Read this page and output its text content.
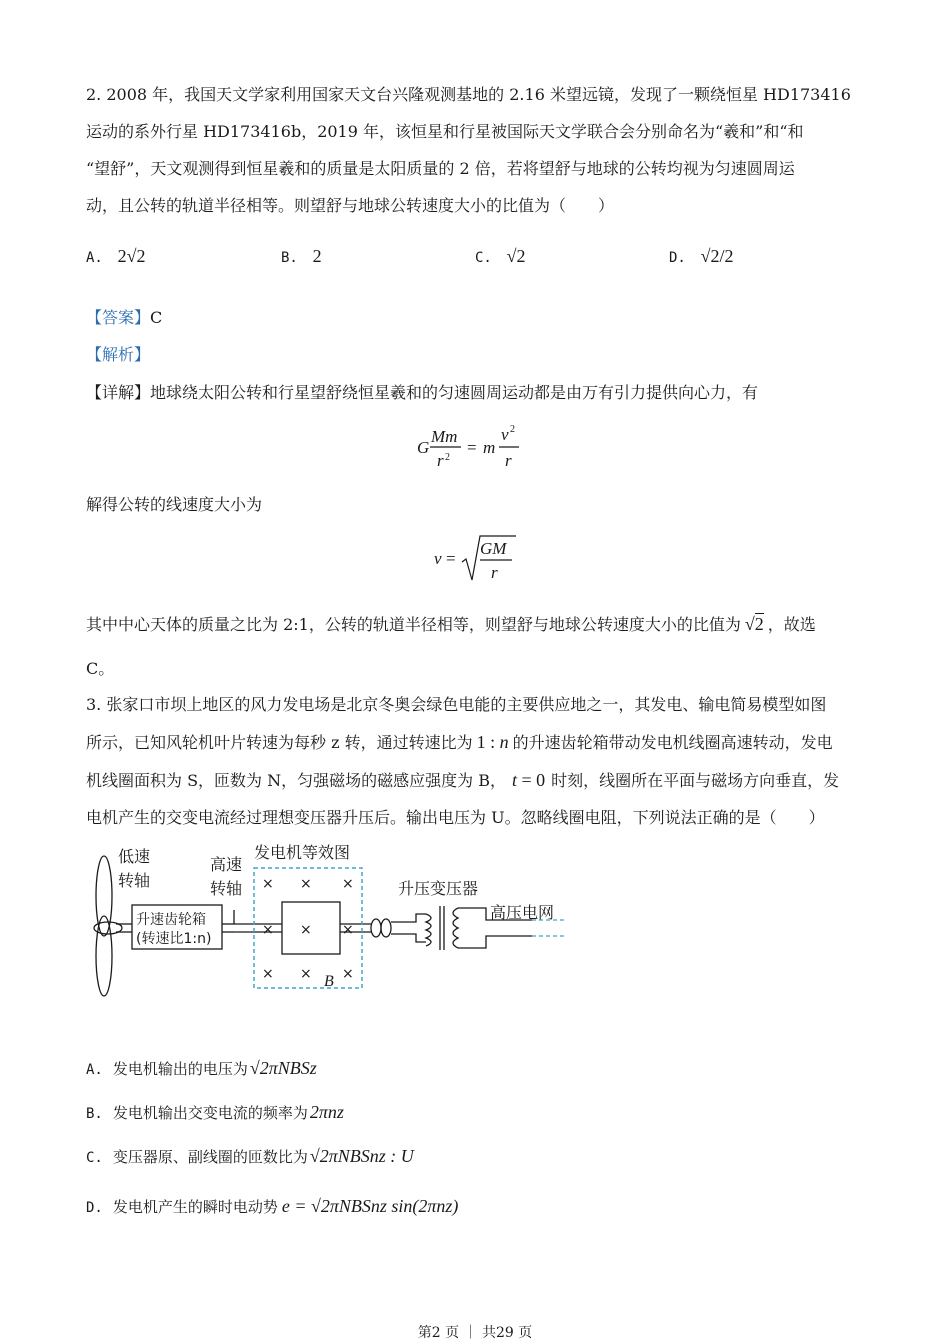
2. 2008 年，我国天文学家利用国家天文台兴隆观测基地的 2.16 米望远镜，发现了一颗绕恒星 HD173416
运动的系外行星 HD173416b，2019 年，该恒星和行星被国际天文学联合会分别命名为“羲和”和“和
“望舒”，天文观测得到恒星羲和的质量是太阳质量的 2 倍，若将望舒与地球的公转均视为匀速圆周运
动，且公转的轨道半径相等。则望舒与地球公转速度大小的比值为（　　）
A. 2√2	B. 2	C. √2	D. √2/2
【答案】C
【解析】
【详解】地球绕太阳公转和行星望舒绕恒星羲和的匀速圆周运动都是由万有引力提供向心力，有
G
Mm
r 2
= m
v 2
r
解得公转的线速度大小为
v =
GM
r
其中中心天体的质量之比为 2:1，公转的轨道半径相等，则望舒与地球公转速度大小的比值为 √2 ，故选
C。
3. 张家口市坝上地区的风力发电场是北京冬奥会绿色电能的主要供应地之一，其发电、输电简易模型如图
所示，已知风轮机叶片转速为每秒 z 转，通过转速比为 1 : n 的升速齿轮箱带动发电机线圈高速转动，发电
机线圈面积为 S，匝数为 N，匀强磁场的磁感应强度为 B， t = 0 时刻，线圈所在平面与磁场方向垂直，发
电机产生的交变电流经过理想变压器升压后。输出电压为 U。忽略线圈电阻，下列说法正确的是（　　）
× × ×
× × ×
× × ×
低速
转轴
高速
转轴
升速齿轮箱
(转速比1:n)
发电机等效图
B
升压变压器
高压电网
A. 发电机输出的电压为 √2πNBSz
B. 发电机输出交变电流的频率为 2πnz
C. 变压器原、副线圈的匝数比为 √2πNBSnz : U
D. 发电机产生的瞬时电动势 e = √2πNBSnz sin(2πnz)
第2 页 ｜ 共29 页
